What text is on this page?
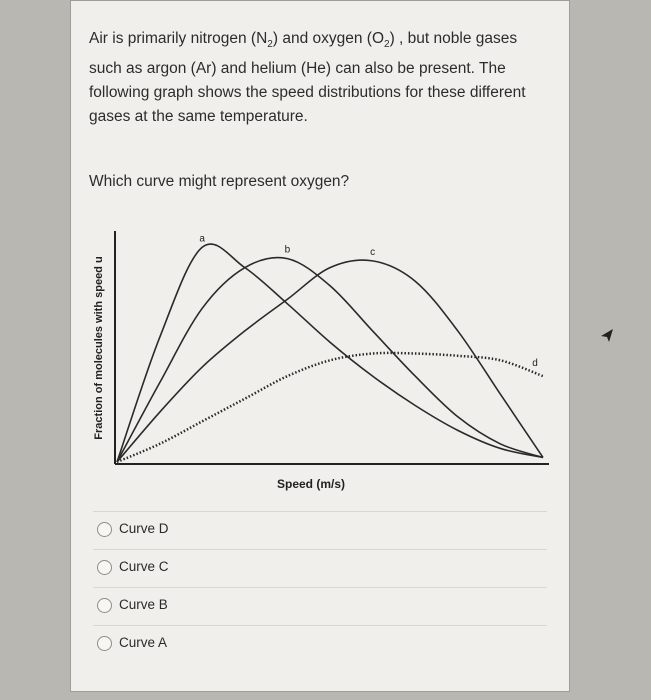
Air is primarily nitrogen $(N_2)$ and oxygen $(O_2)$ , but noble gases such as argon (Ar) and helium (He) can also be present. The following graph shows the speed distributions for these different gases at the same temperature.
Which curve might represent oxygen?
Fraction of molecules with speed u
Speed (m/s)
a
b	c
d
Curve D
Curve C
Curve B
Curve A
